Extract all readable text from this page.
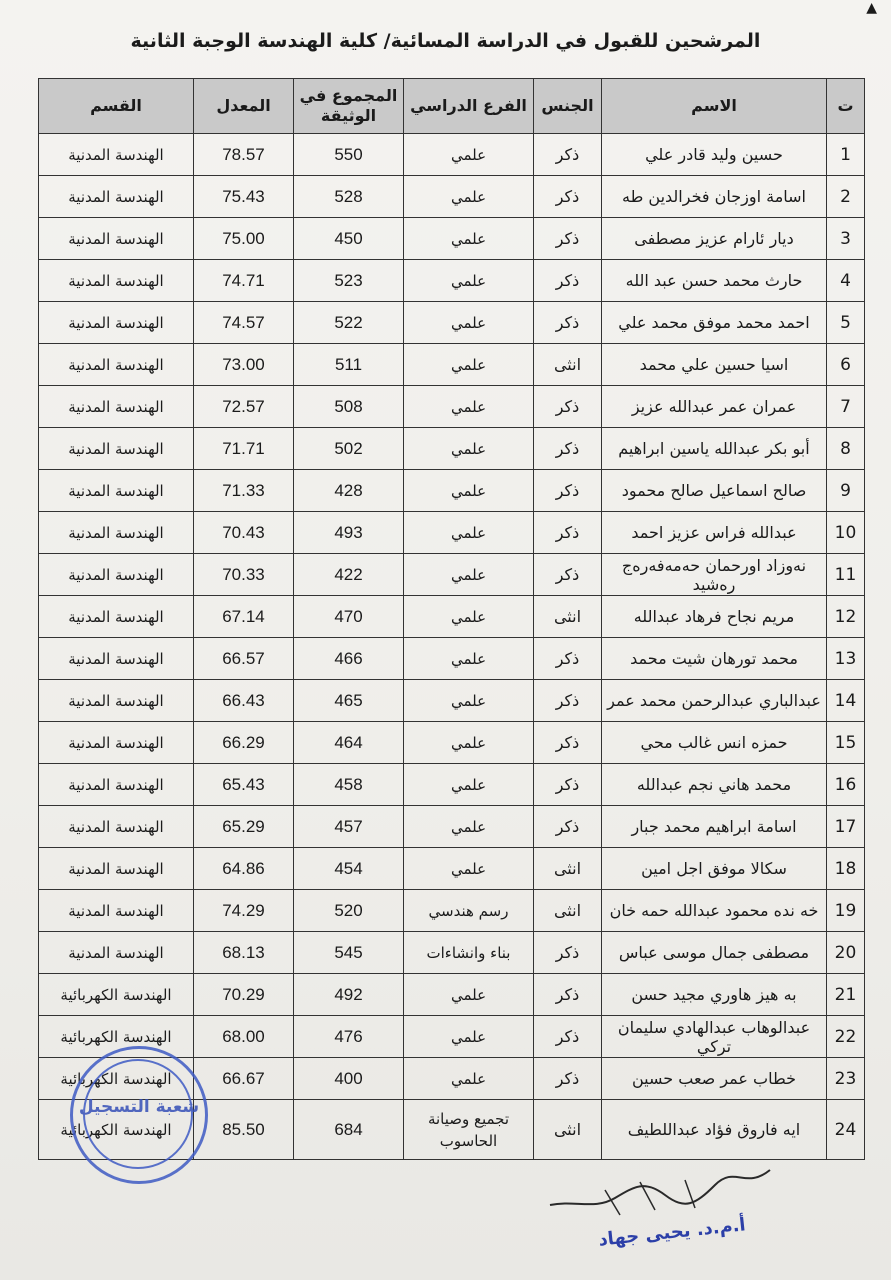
▲
المرشحين للقبول في الدراسة المسائية/ كلية الهندسة الوجبة الثانية
ت	الاسم	الجنس	الفرع الدراسي	المجموع في الوثيقة	المعدل	القسم
1	حسين وليد قادر علي	ذكر	علمي	550	78.57	الهندسة المدنية
2	اسامة اوزجان فخرالدين طه	ذكر	علمي	528	75.43	الهندسة المدنية
3	ديار ئارام عزيز مصطفى	ذكر	علمي	450	75.00	الهندسة المدنية
4	حارث محمد حسن عبد الله	ذكر	علمي	523	74.71	الهندسة المدنية
5	احمد محمد موفق محمد علي	ذكر	علمي	522	74.57	الهندسة المدنية
6	اسيا حسين علي محمد	انثى	علمي	511	73.00	الهندسة المدنية
7	عمران عمر عبدالله عزيز	ذكر	علمي	508	72.57	الهندسة المدنية
8	أبو بكر عبدالله ياسين ابراهيم	ذكر	علمي	502	71.71	الهندسة المدنية
9	صالح اسماعيل صالح محمود	ذكر	علمي	428	71.33	الهندسة المدنية
10	عبدالله فراس عزيز احمد	ذكر	علمي	493	70.43	الهندسة المدنية
11	نەوزاد اورحمان حەمەفەرەج رەشيد	ذكر	علمي	422	70.33	الهندسة المدنية
12	مريم نجاح فرهاد عبدالله	انثى	علمي	470	67.14	الهندسة المدنية
13	محمد تورهان شيت محمد	ذكر	علمي	466	66.57	الهندسة المدنية
14	عبدالباري عبدالرحمن محمد عمر	ذكر	علمي	465	66.43	الهندسة المدنية
15	حمزه انس غالب محي	ذكر	علمي	464	66.29	الهندسة المدنية
16	محمد هاني نجم عبدالله	ذكر	علمي	458	65.43	الهندسة المدنية
17	اسامة ابراهيم محمد جبار	ذكر	علمي	457	65.29	الهندسة المدنية
18	سكالا موفق اجل امين	انثى	علمي	454	64.86	الهندسة المدنية
19	خه نده محمود عبدالله حمه خان	انثى	رسم هندسي	520	74.29	الهندسة المدنية
20	مصطفى جمال موسى عباس	ذكر	بناء وانشاءات	545	68.13	الهندسة المدنية
21	به هيز هاوري مجيد حسن	ذكر	علمي	492	70.29	الهندسة الكهربائية
22	عبدالوهاب عبدالهادي سليمان تركي	ذكر	علمي	476	68.00	الهندسة الكهربائية
23	خطاب عمر صعب حسين	ذكر	علمي	400	66.67	الهندسة الكهربائية
24	ايه فاروق فؤاد عبداللطيف	انثى	تجميع وصيانة الحاسوب	684	85.50	الهندسة الكهربائية
شعبة التسجيل
أ.م.د. يحيى جهاد
